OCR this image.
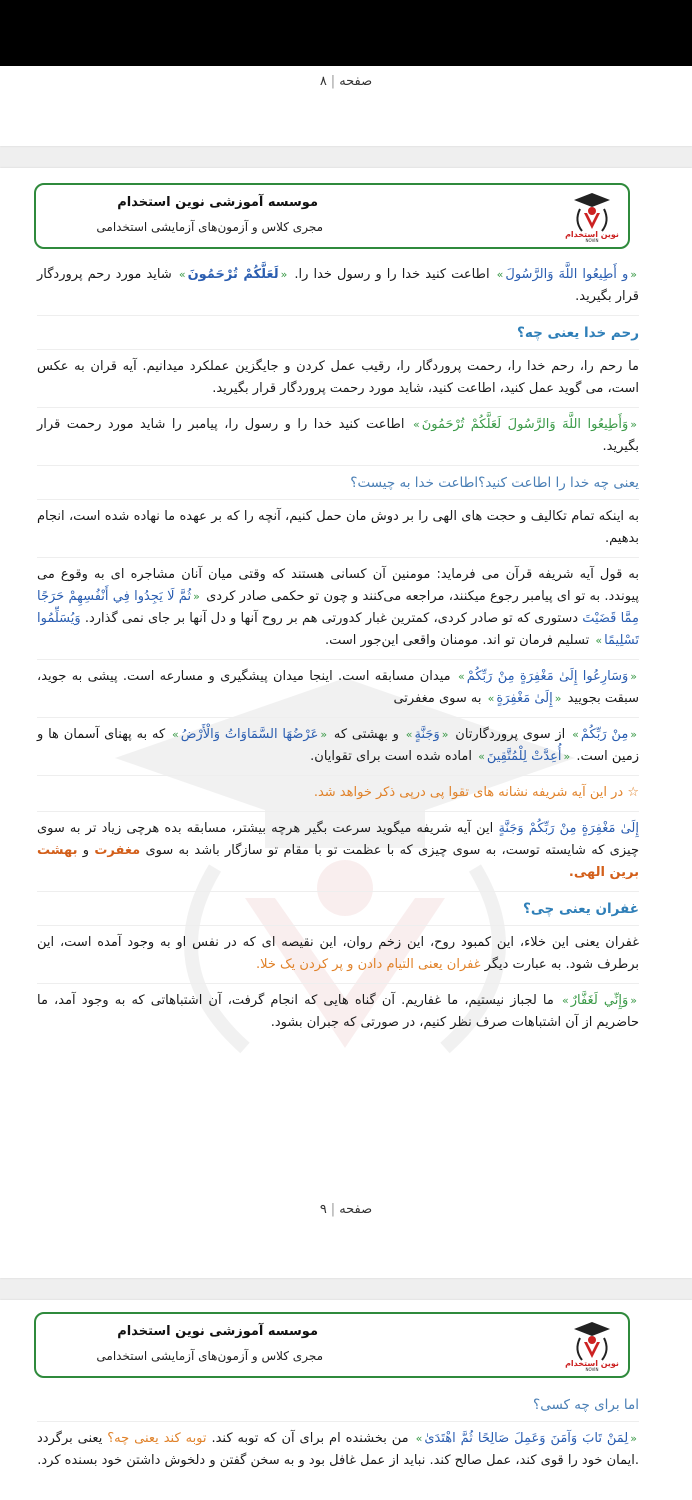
صفحه|۸
موسسه آموزشی نوین استخدام
مجری کلاس و آزمون‌های آزمایشی استخدامی
نوین استخدام
NOVIN

«و أَطِيعُوا اللَّهَ وَالرَّسُولَ» اطاعت کنید خدا را و رسول خدا را. «لَعَلَّكُمْ تُرْحَمُونَ» شاید مورد رحم پروردگار قرار بگیرید.

رحم خدا یعنی چه؟

ما رحم را، رحم خدا را، رحمت پروردگار را، رقیب عمل کردن و جایگزین عملکرد میدانیم. آیه قران به عکس است، می گوید عمل کنید، اطاعت کنید، شاید مورد رحمت پروردگار قرار بگیرید.

«وَأَطِيعُوا اللَّهَ وَالرَّسُولَ لَعَلَّكُمْ تُرْحَمُونَ» اطاعت کنید خدا را و رسول را، پیامبر را شاید مورد رحمت قرار بگیرید.

یعنی چه خدا را اطاعت کنید؟اطاعت خدا به چیست؟

به اینکه تمام تکالیف و حجت های الهی را بر دوش مان حمل کنیم، آنچه را که بر عهده ما نهاده شده است، انجام بدهیم.

به قول آیه شریفه قرآن می فرماید: مومنین آن کسانی هستند که وقتی میان آنان مشاجره ای به وقوع می پیوندد. به تو ای پیامبر رجوع میکنند، مراجعه می‌کنند و چون تو حکمی صادر کردی «ثُمَّ لَا يَجِدُوا فِي أَنْفُسِهِمْ حَرَجًا مِمَّا قَضَيْتَ دستوری که تو صادر کردی، کمترین غبار کدورتی هم بر روح آنها و دل آنها بر جای نمی گذارد. وَيُسَلِّمُوا تَسْلِيمًا» تسلیم فرمان تو اند. مومنان واقعی این‌جور است.

«وَسَارِعُوا إِلَىٰ مَغْفِرَةٍ مِنْ رَبِّكُمْ» میدان مسابقه است. اینجا میدان پیشگیری و مسارعه است. پیشی به جوید، سبقت بجویید «إِلَىٰ مَغْفِرَةٍ» به سوی مغفرتی

«مِنْ رَبِّكُمْ» از سوی پروردگارتان «وَجَنَّةٍ» و بهشتی که «عَرْضُهَا السَّمَاوَاتُ وَالْأَرْضُ» که به پهنای آسمان ها و زمین است. «أُعِدَّتْ لِلْمُتَّقِينَ» اماده شده است برای تقوایان.

☆ در این آیه شریفه نشانه های تقوا پی درپی ذکر خواهد شد.

إِلَىٰ مَغْفِرَةٍ مِنْ رَبِّكُمْ وَجَنَّةٍ این آیه شریفه میگوید سرعت بگیر هرچه بیشتر، مسابقه بده هرچی زیاد تر به سوی چیزی که شایسته توست، به سوی چیزی که با عظمت تو با مقام تو سازگار باشد به سوی مغفرت و بهشت برین الهی.

غفران یعنی چی؟

غفران یعنی این خلاء، این کمبود روح، این زخم روان، این نقیصه ای که در نفس او به وجود آمده است، این برطرف شود. به عبارت دیگر غفران یعنی التیام دادن و پر کردن یک خلا.

«وَإِنِّي لَغَفَّارٌ» ما لجباز نیستیم، ما غفاریم. آن گناه هایی که انجام گرفت، آن اشتباهاتی که به وجود آمد، ما حاضریم از آن اشتباهات صرف نظر کنیم، در صورتی که جبران بشود.

صفحه|۹
موسسه آموزشی نوین استخدام
مجری کلاس و آزمون‌های آزمایشی استخدامی
نوین استخدام
NOVIN

اما برای چه کسی؟

«لِمَنْ تَابَ وَآمَنَ وَعَمِلَ صَالِحًا ثُمَّ اهْتَدَىٰ» من بخشنده ام برای آن که توبه کند. توبه کند یعنی چه؟ یعنی برگردد .ایمان خود را قوی کند، عمل صالح کند. نباید از عمل غافل بود و به سخن گفتن و دلخوش داشتن خود بسنده کرد.
